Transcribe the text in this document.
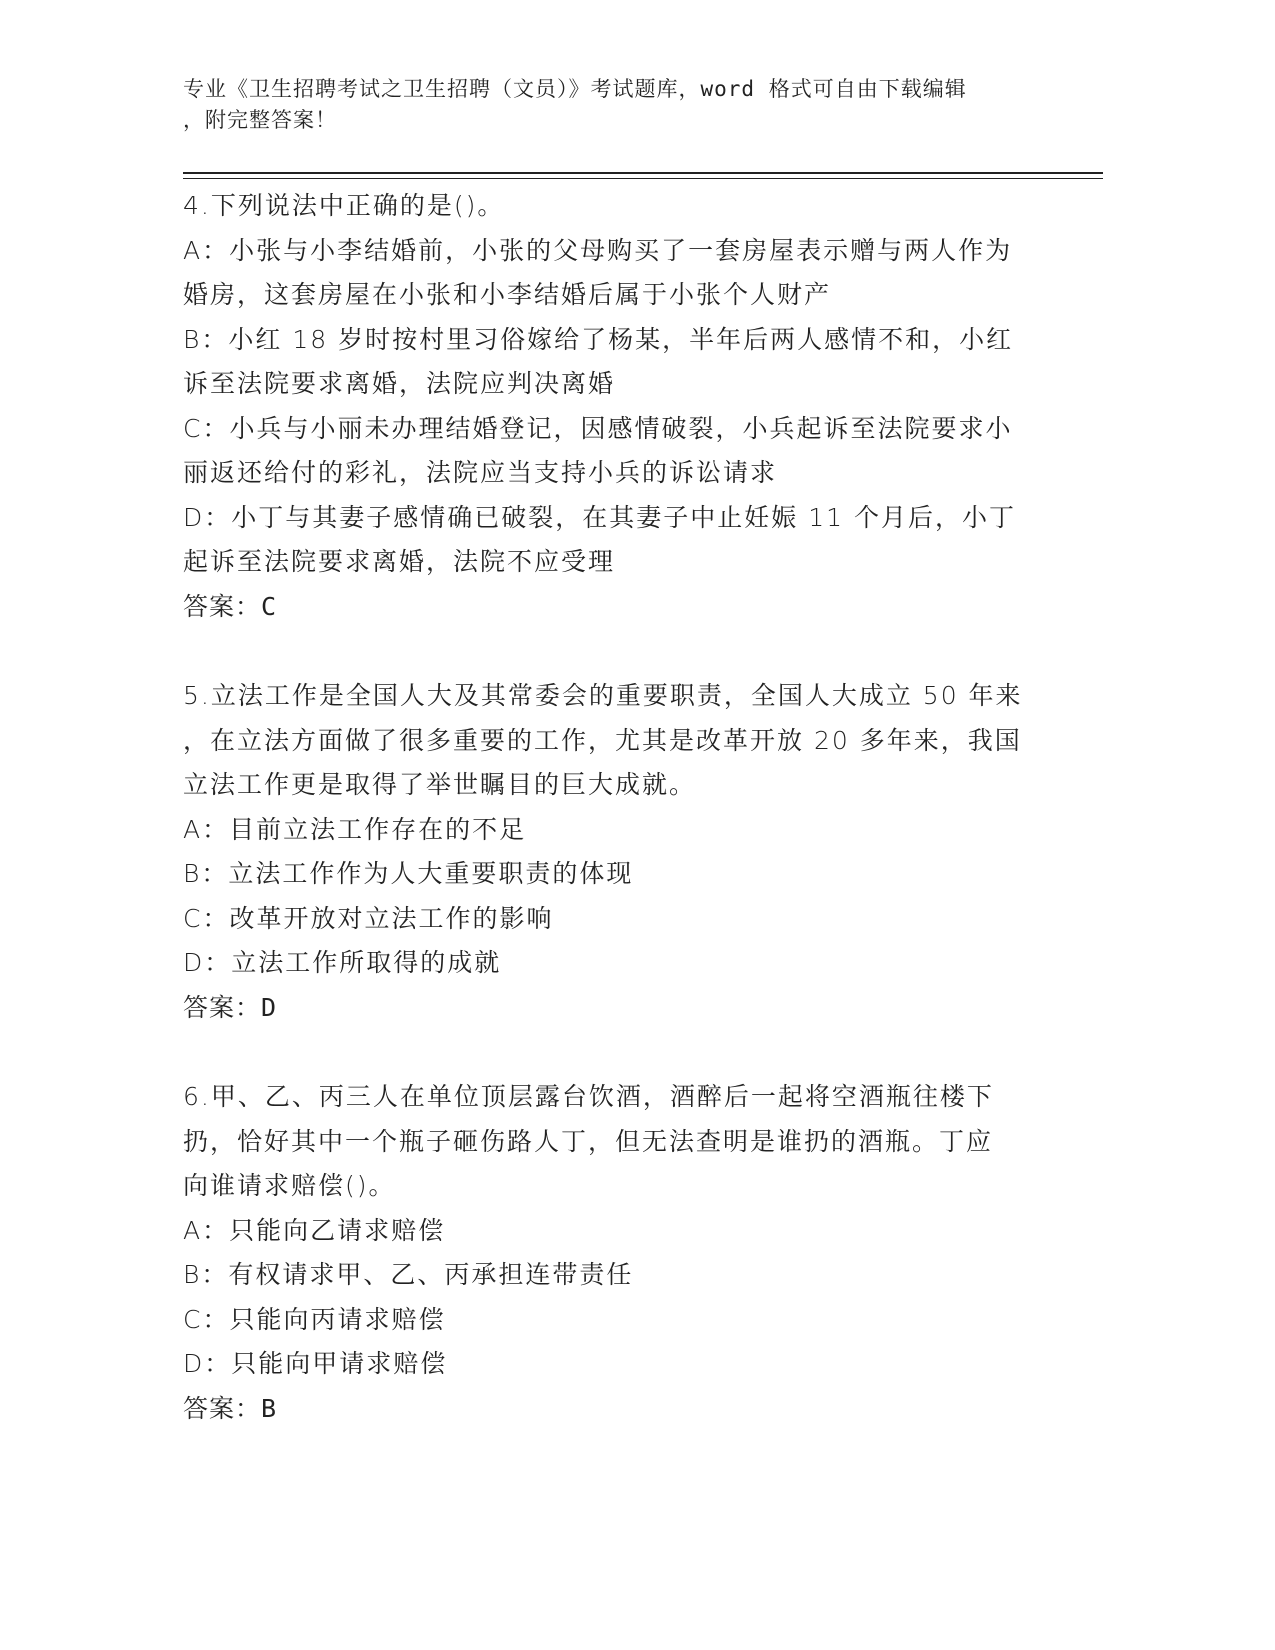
专业《卫生招聘考试之卫生招聘（文员）》考试题库，word 格式可自由下载编辑
，附完整答案！
4.下列说法中正确的是()。
A：小张与小李结婚前，小张的父母购买了一套房屋表示赠与两人作为
婚房，这套房屋在小张和小李结婚后属于小张个人财产
B：小红 18 岁时按村里习俗嫁给了杨某，半年后两人感情不和，小红
诉至法院要求离婚，法院应判决离婚
C：小兵与小丽未办理结婚登记，因感情破裂，小兵起诉至法院要求小
丽返还给付的彩礼，法院应当支持小兵的诉讼请求
D：小丁与其妻子感情确已破裂，在其妻子中止妊娠 11 个月后，小丁
起诉至法院要求离婚，法院不应受理
答案：C
5.立法工作是全国人大及其常委会的重要职责，全国人大成立 50 年来
，在立法方面做了很多重要的工作，尤其是改革开放 20 多年来，我国
立法工作更是取得了举世瞩目的巨大成就。
A：目前立法工作存在的不足
B：立法工作作为人大重要职责的体现
C：改革开放对立法工作的影响
D：立法工作所取得的成就
答案：D
6.甲、乙、丙三人在单位顶层露台饮酒，酒醉后一起将空酒瓶往楼下
扔，恰好其中一个瓶子砸伤路人丁，但无法查明是谁扔的酒瓶。丁应
向谁请求赔偿()。
A：只能向乙请求赔偿
B：有权请求甲、乙、丙承担连带责任
C：只能向丙请求赔偿
D：只能向甲请求赔偿
答案：B
